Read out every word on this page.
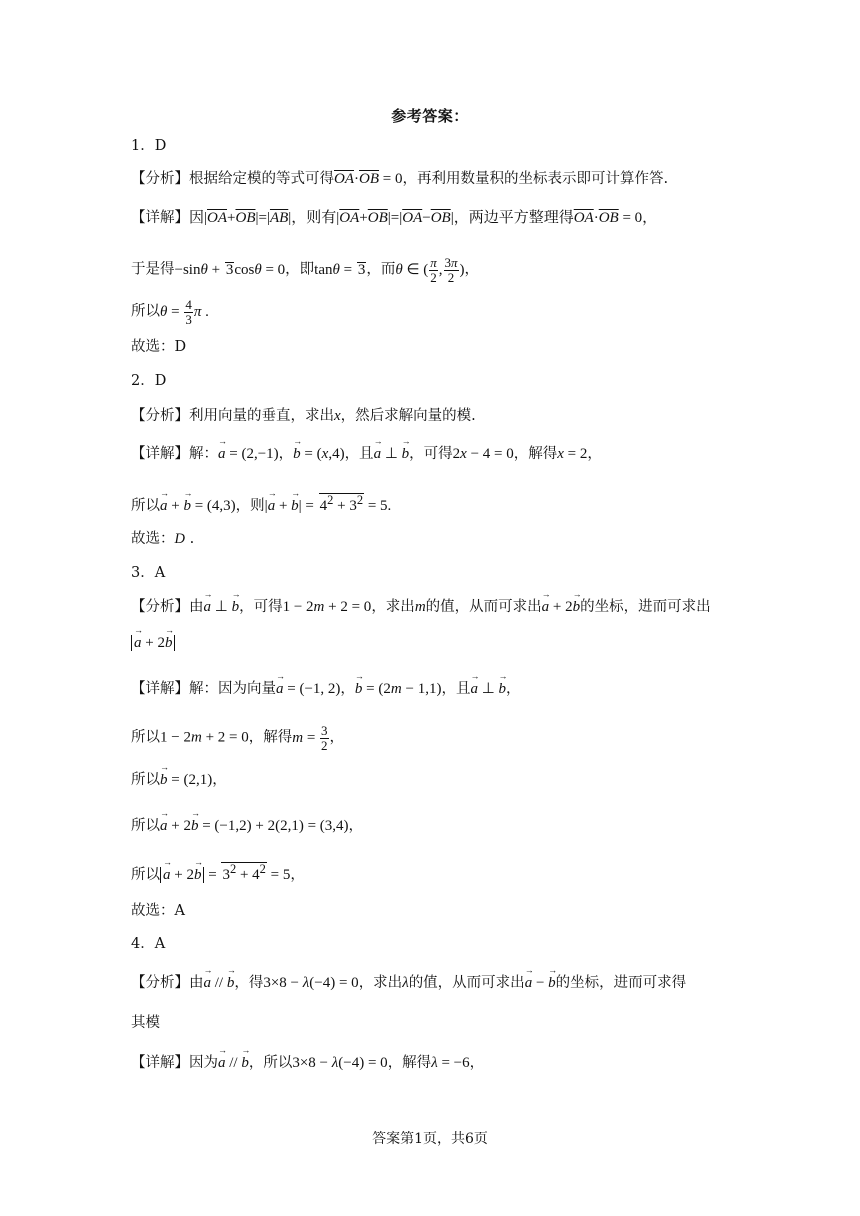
参考答案：
1．D
【分析】根据给定模的等式可得$\overline{OA}\cdot\overline{OB} = 0$，再利用数量积的坐标表示即可计算作答.
【详解】因$|\overline{OA}+\overline{OB}|=|\overline{AB}|$，则有$|\overline{OA}+\overline{OB}|=|\overline{OA}-\overline{OB}|$，两边平方整理得$\overline{OA}\cdot\overline{OB} = 0$，
于是得−sinθ + 3cosθ = 0，即tanθ = 3，而θ ∈ ( $\frac{\pi}{2}$ , $\frac{3\pi}{2}$ )，
所以$\theta = \frac{4}{3}$ π .
故选：D
2．D
【分析】利用向量的垂直，求出x，然后求解向量的模.
【详解】解：→ a = (2,−1)，→ b = (x,4)，且→ a ⊥ → b，可得2x − 4 = 0，解得x = 2，
所以→ a + → b = (4,3)，则|→ a + → $b| = 4^2 + 3^2 = 5$.
故选：D .
3．A
【分析】由→ a ⊥ → b，可得1 − 2m + 2 = 0，求出m的值，从而可求出→ a + 2→ b的坐标，进而可求出
→ a + 2→ b
【详解】解：因为向量→ a = (−1, 2)，→ b = (2m − 1,1)，且→ a ⊥ → b，
所以1 − 2m + 2 = 0，解得$m = \frac{3}{2}$ ，
所以→ b = (2,1)，
所以→ a + 2→ b = (−1,2) + 2(2,1) = (3,4)，
所以 → $a + 2\to b = 3^2 + 4^2 = 5$，
故选：A
4．A
【分析】由→ a // → b，得3×8 − λ(−4) = 0，求出λ的值，从而可求出→ a − → b的坐标，进而可求得
其模
【详解】因为→ a // → b，所以3×8 − λ(−4) = 0，解得λ = −6，
答案第1页，共6页
